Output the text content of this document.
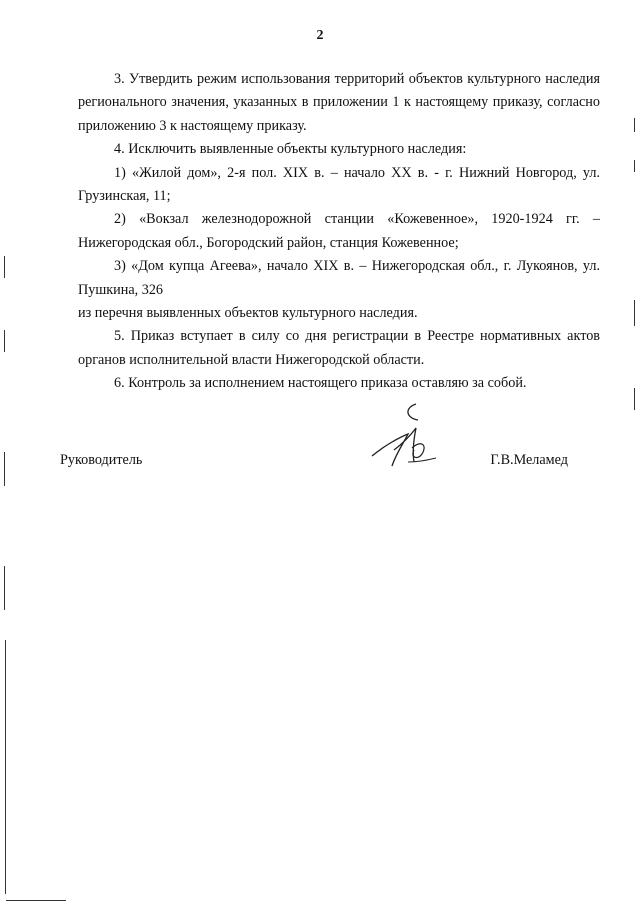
2

3. Утвердить режим использования территорий объектов культурного наследия регионального значения, указанных в приложении 1 к настоящему приказу, согласно приложению 3 к настоящему приказу.

4. Исключить выявленные объекты культурного наследия:

1) «Жилой дом», 2-я пол. XIX в. – начало XX в. - г. Нижний Новгород, ул. Грузинская, 11;

2) «Вокзал железнодорожной станции «Кожевенное», 1920-1924 гг. – Нижегородская обл., Богородский район, станция Кожевенное;

3) «Дом купца Агеева», начало XIX в. – Нижегородская обл., г. Лукоянов, ул. Пушкина, 326

из перечня выявленных объектов культурного наследия.

5. Приказ вступает в силу со дня регистрации в Реестре нормативных актов органов исполнительной власти Нижегородской области.

6. Контроль за исполнением настоящего приказа оставляю за собой.

Руководитель	Г.В.Меламед
